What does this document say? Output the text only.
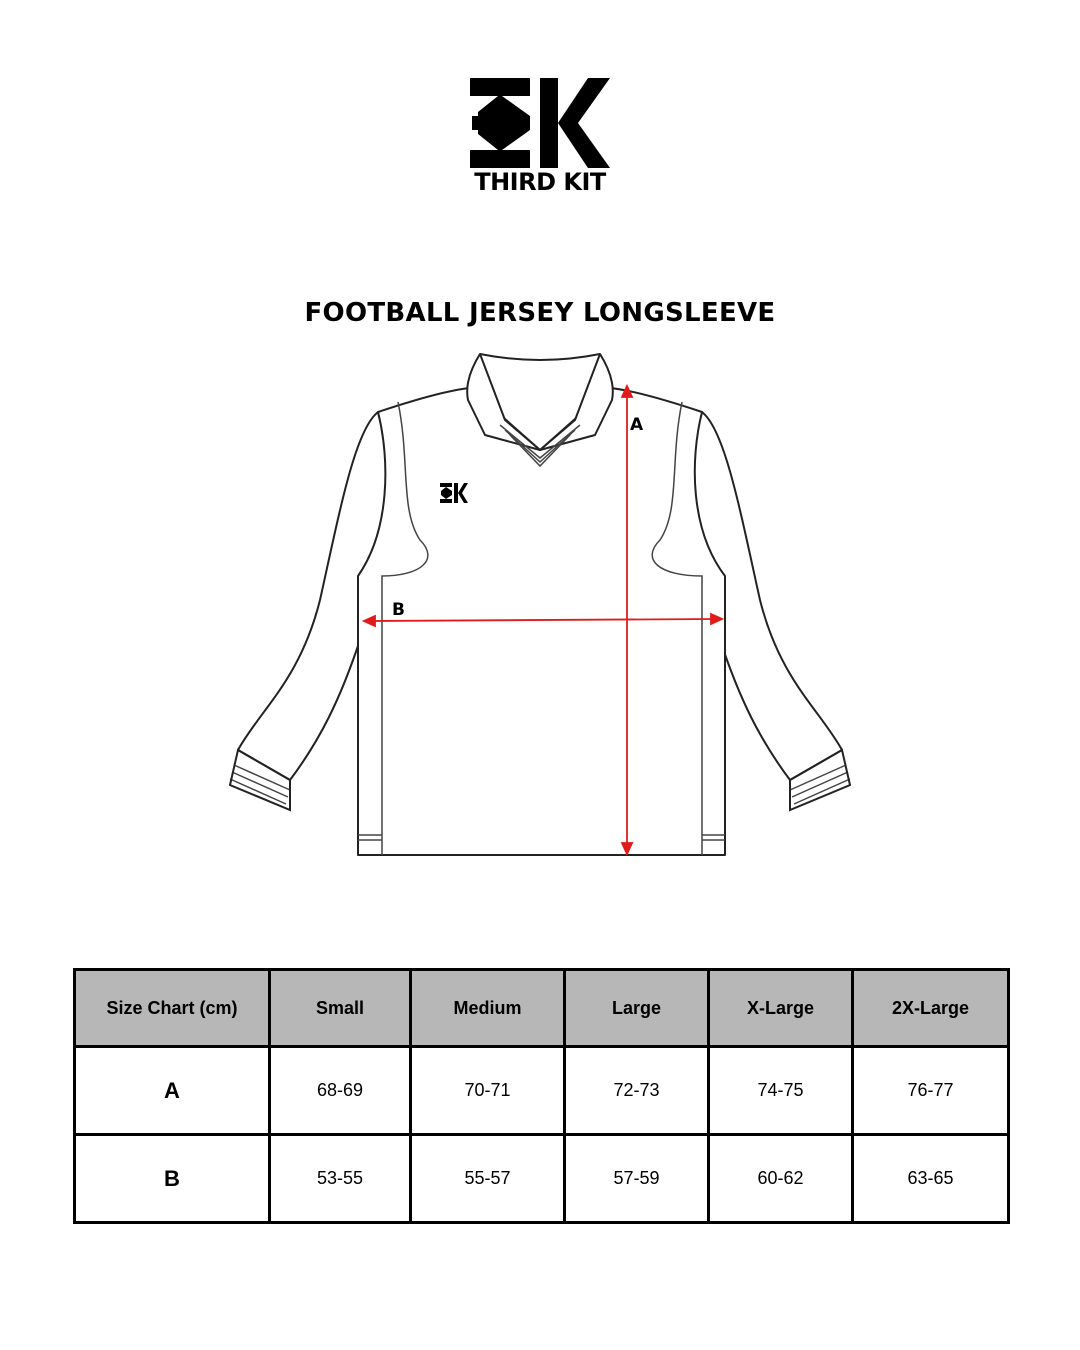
THIRD KIT
FOOTBALL JERSEY LONGSLEEVE
A
B
Size Chart (cm)	Small	Medium	Large	X-Large	2X-Large
A	68-69	70-71	72-73	74-75	76-77
B	53-55	55-57	57-59	60-62	63-65
